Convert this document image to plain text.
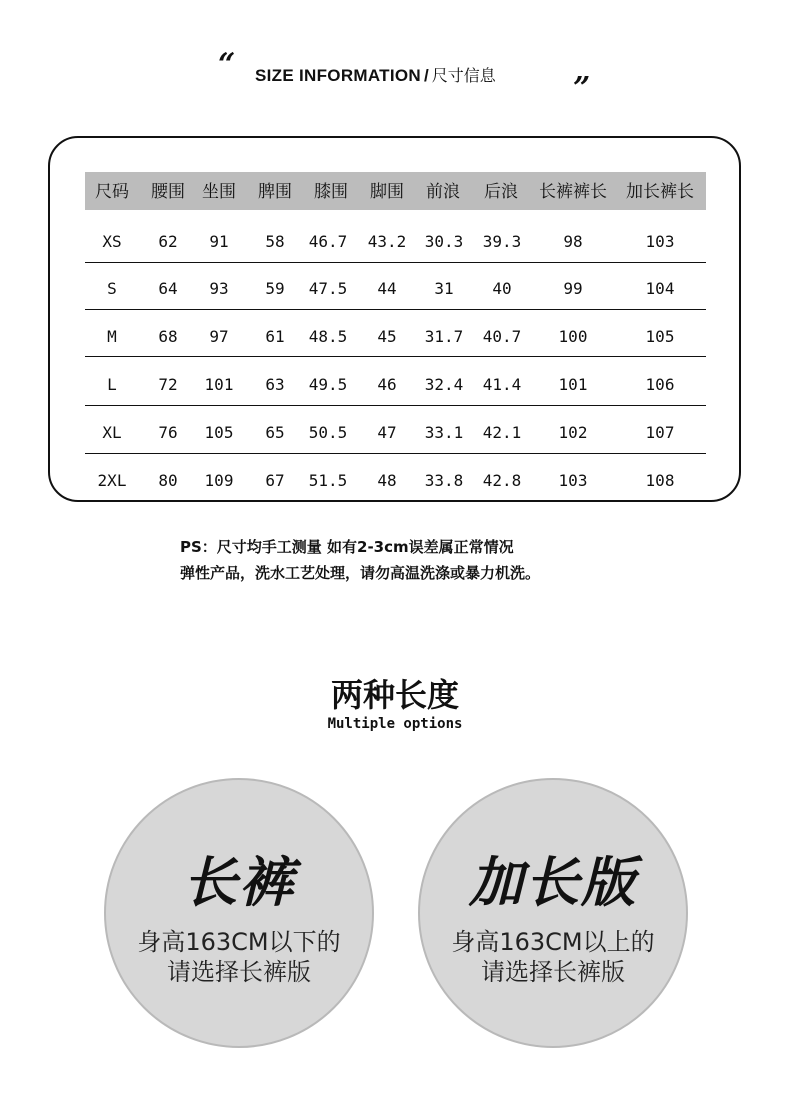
“ SIZE INFORMATION / 尺寸信息	”
尺码	腰围	坐围	脾围	膝围	脚围	前浪	后浪	长裤裤长	加长裤长
XS 62 91 58 46.7 43.2 30.3 39.3	98	103
S	64 93 59 47.5 44 31 40	99	104
M	68 97 61 48.5 45 31.7 40.7 100	105
L	72 101 63 49.5 46 32.4 41.4 101	106
XL 76 105 65 50.5 47 33.1 42.1 102	107
2XL 80 109 67 51.5 48 33.8 42.8 103	108
PS：尺寸均手工测量 如有2-3cm误差属正常情况
弹性产品，洗水工艺处理，请勿高温洗涤或暴力机洗。
两种长度
Multiple options
长裤
身高163CM以下的
请选择长裤版
加长版
身高163CM以上的
请选择长裤版
